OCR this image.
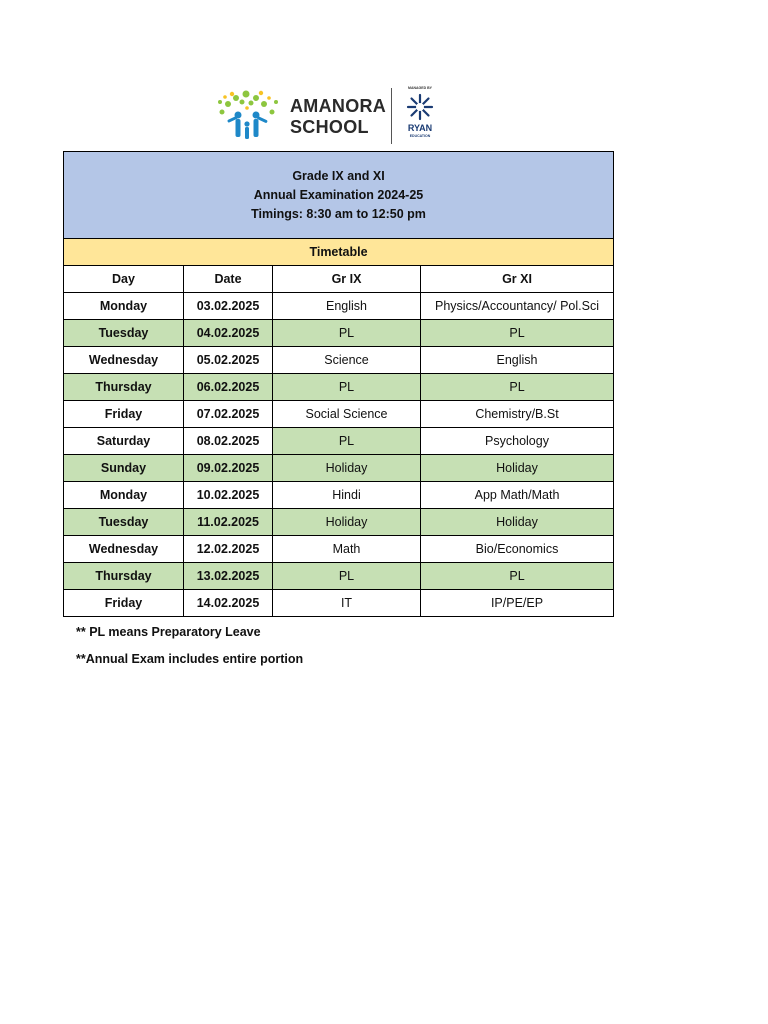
AMANORA
SCHOOL
MANAGED BY
RYAN
EDUCATION
Grade IX and XI
Annual Examination 2024-25
Timings: 8:30 am to 12:50 pm			

Timetable			
Day	Date	Gr IX	Gr XI
Monday	03.02.2025	English	Physics/Accountancy/ Pol.Sci
Tuesday	04.02.2025	PL	PL
Wednesday	05.02.2025	Science	English
Thursday	06.02.2025	PL	PL
Friday	07.02.2025	Social Science	Chemistry/B.St
Saturday	08.02.2025	PL	Psychology
Sunday	09.02.2025	Holiday	Holiday
Monday	10.02.2025	Hindi	App Math/Math
Tuesday	11.02.2025	Holiday	Holiday
Wednesday	12.02.2025	Math	Bio/Economics
Thursday	13.02.2025	PL	PL
Friday	14.02.2025	IT	IP/PE/EP
** PL means Preparatory Leave
**Annual Exam includes entire portion
